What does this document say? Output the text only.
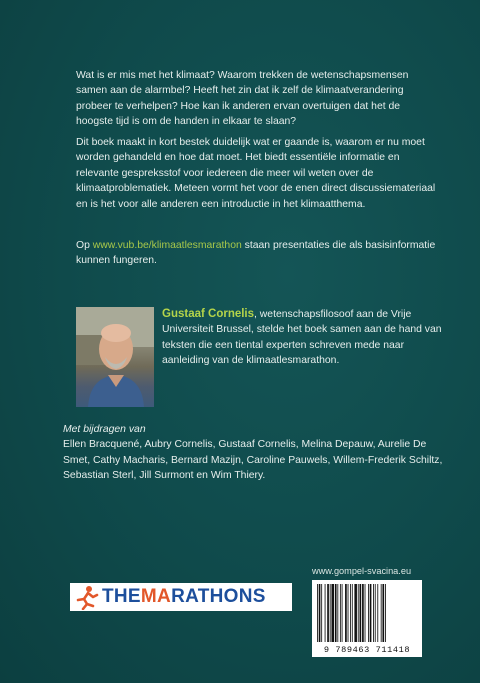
Wat is er mis met het klimaat? Waarom trekken de wetenschapsmensen samen aan de alarmbel? Heeft het zin dat ik zelf de klimaatverandering probeer te verhelpen? Hoe kan ik anderen ervan overtuigen dat het de hoogste tijd is om de handen in elkaar te slaan?
Dit boek maakt in kort bestek duidelijk wat er gaande is, waarom er nu moet worden gehandeld en hoe dat moet. Het biedt essentiële informatie en relevante gespreksstof voor iedereen die meer wil weten over de klimaatproblematiek. Meteen vormt het voor de enen direct discussiemateriaal en is het voor alle anderen een introductie in het klimaatthema.
Op www.vub.be/klimaatlesmarathon staan presentaties die als basisinformatie kunnen fungeren.
Gustaaf Cornelis, wetenschapsfilosoof aan de Vrije Universiteit Brussel, stelde het boek samen aan de hand van teksten die een tiental experten schreven mede naar aanleiding van de klimaatlesmarathon.
Met bijdragen van
Ellen Bracquené, Aubry Cornelis, Gustaaf Cornelis, Melina Depauw, Aurelie De Smet, Cathy Macharis, Bernard Mazijn, Caroline Pauwels, Willem-Frederik Schiltz, Sebastian Sterl, Jill Surmont en Wim Thiery.
www.gompel-svacina.eu
THEMARATHONS
9 789463 711418
